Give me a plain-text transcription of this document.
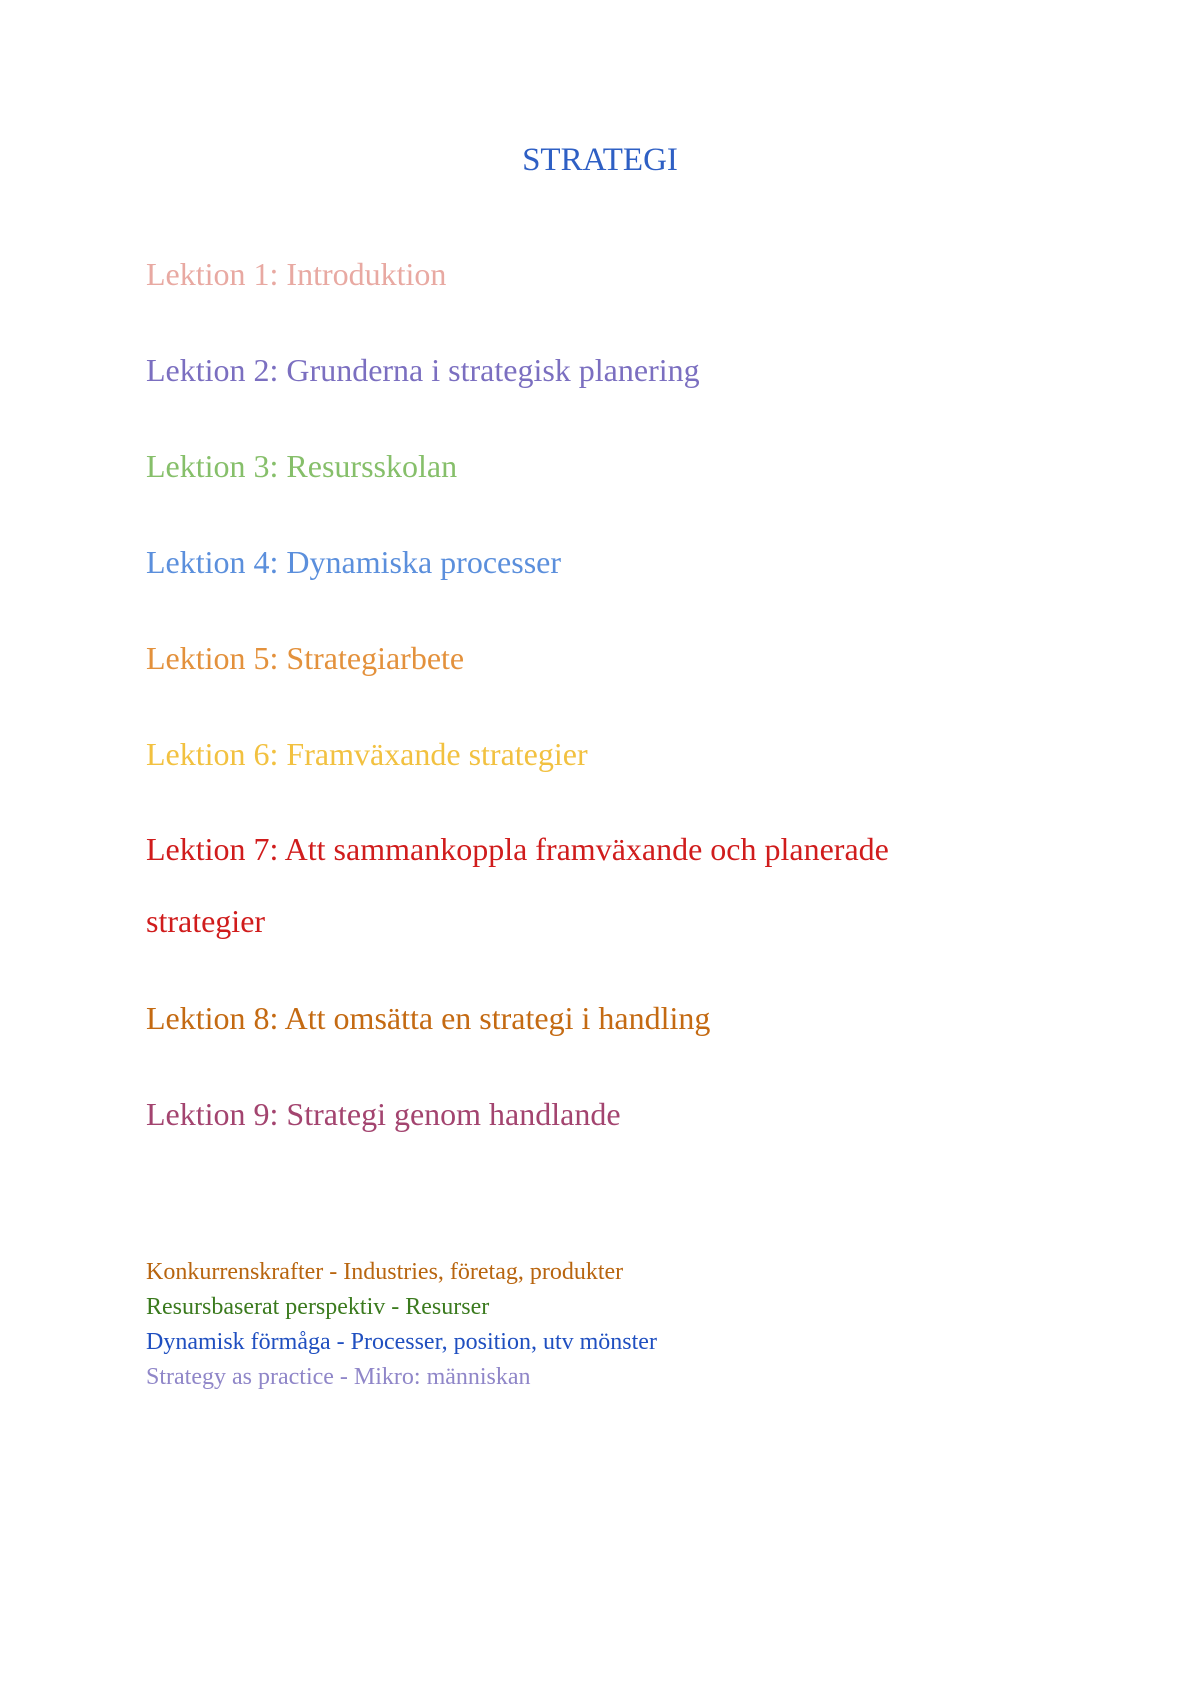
STRATEGI
Lektion 1: Introduktion
Lektion 2: Grunderna i strategisk planering
Lektion 3: Resursskolan
Lektion 4: Dynamiska processer
Lektion 5: Strategiarbete
Lektion 6: Framväxande strategier
Lektion 7: Att sammankoppla framväxande och planerade strategier
Lektion 8: Att omsätta en strategi i handling
Lektion 9: Strategi genom handlande
Konkurrenskrafter - Industries, företag, produkter
Resursbaserat perspektiv - Resurser
Dynamisk förmåga - Processer, position, utv mönster
Strategy as practice - Mikro: människan
